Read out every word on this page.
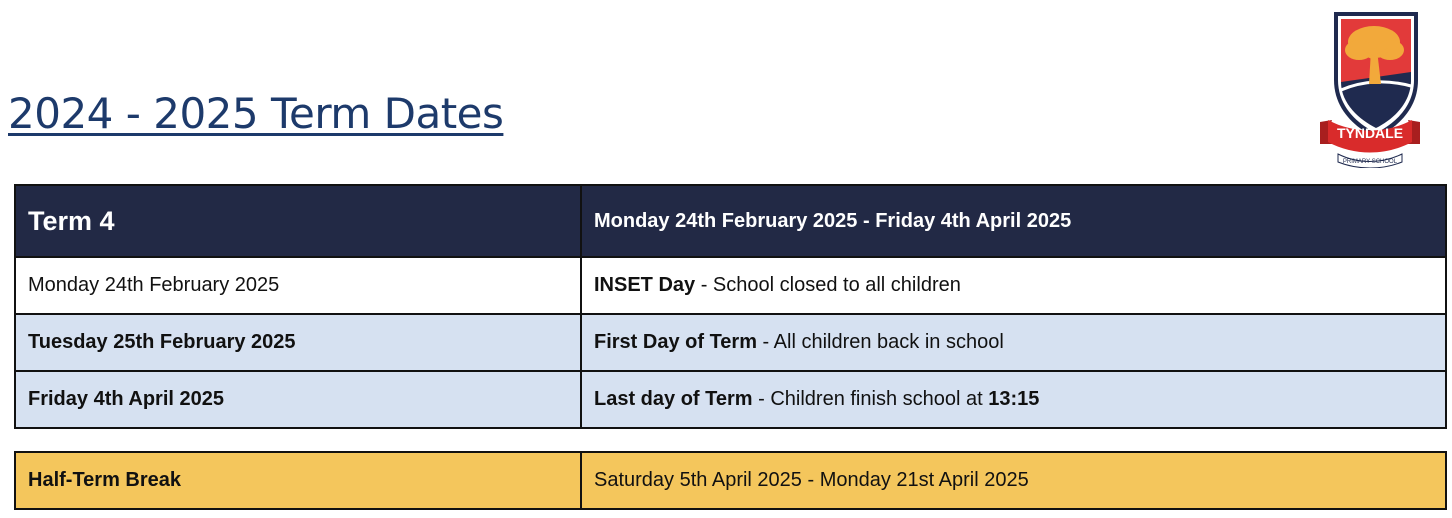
2024 - 2025 Term Dates	TYNDALE
PRIMARY SCHOOL
Term 4	Monday 24th February 2025 - Friday 4th April 2025
Monday 24th February 2025	INSET Day - School closed to all children
Tuesday 25th February 2025	First Day of Term - All children back in school
Friday 4th April 2025	Last day of Term - Children finish school at 13:15
Half-Term Break	Saturday 5th April 2025 - Monday 21st April 2025
